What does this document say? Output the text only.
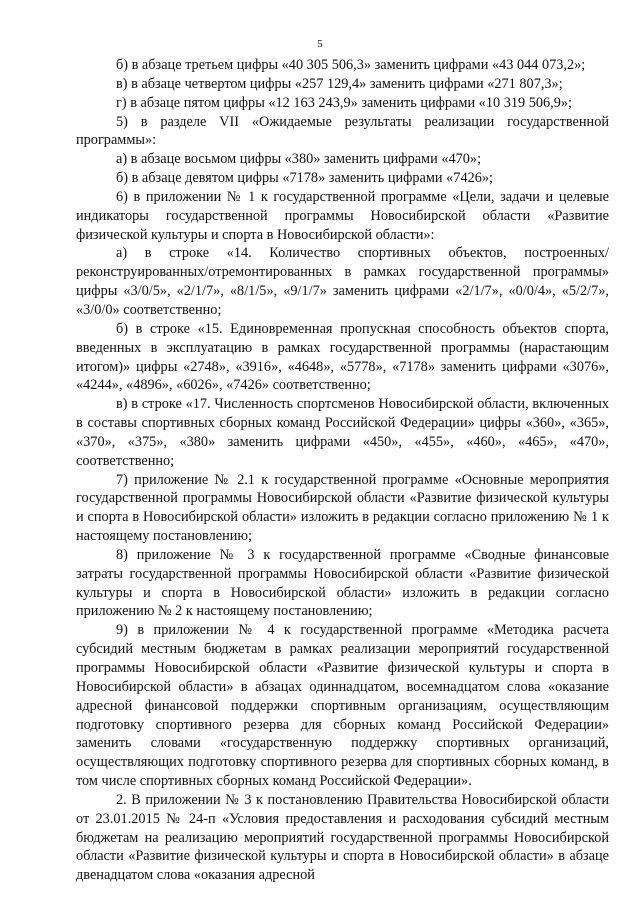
5

б) в абзаце третьем цифры «40 305 506,3» заменить цифрами «43 044 073,2»;

в) в абзаце четвертом цифры «257 129,4» заменить цифрами «271 807,3»;

г) в абзаце пятом цифры «12 163 243,9» заменить цифрами «10 319 506,9»;

5) в разделе VII «Ожидаемые результаты реализации государственной программы»:

а) в абзаце восьмом цифры «380» заменить цифрами «470»;

б) в абзаце девятом цифры «7178» заменить цифрами «7426»;

6) в приложении № 1 к государственной программе «Цели, задачи и целевые индикаторы государственной программы Новосибирской области «Развитие физической культуры и спорта в Новосибирской области»:

а) в строке «14. Количество спортивных объектов, построенных/ реконструированных/отремонтированных в рамках государственной программы» цифры «3/0/5», «2/1/7», «8/1/5», «9/1/7» заменить цифрами «2/1/7», «0/0/4», «5/2/7», «3/0/0» соответственно;

б) в строке «15. Единовременная пропускная способность объектов спорта, введенных в эксплуатацию в рамках государственной программы (нарастающим итогом)» цифры «2748», «3916», «4648», «5778», «7178» заменить цифрами «3076», «4244», «4896», «6026», «7426» соответственно;

в) в строке «17. Численность спортсменов Новосибирской области, включенных в составы спортивных сборных команд Российской Федерации» цифры «360», «365», «370», «375», «380» заменить цифрами «450», «455», «460», «465», «470», соответственно;

7) приложение № 2.1 к государственной программе «Основные мероприятия государственной программы Новосибирской области «Развитие физической культуры и спорта в Новосибирской области» изложить в редакции согласно приложению № 1 к настоящему постановлению;

8) приложение № 3 к государственной программе «Сводные финансовые затраты государственной программы Новосибирской области «Развитие физической культуры и спорта в Новосибирской области» изложить в редакции согласно приложению № 2 к настоящему постановлению;

9) в приложении № 4 к государственной программе «Методика расчета субсидий местным бюджетам в рамках реализации мероприятий государственной программы Новосибирской области «Развитие физической культуры и спорта в Новосибирской области» в абзацах одиннадцатом, восемнадцатом слова «оказание адресной финансовой поддержки спортивным организациям, осуществляющим подготовку спортивного резерва для сборных команд Российской Федерации» заменить словами «государственную поддержку спортивных организаций, осуществляющих подготовку спортивного резерва для спортивных сборных команд, в том числе спортивных сборных команд Российской Федерации».

2. В приложении № 3 к постановлению Правительства Новосибирской области от 23.01.2015 № 24-п «Условия предоставления и расходования субсидий местным бюджетам на реализацию мероприятий государственной программы Новосибирской области «Развитие физической культуры и спорта в Новосибирской области» в абзаце двенадцатом слова «оказания адресной
